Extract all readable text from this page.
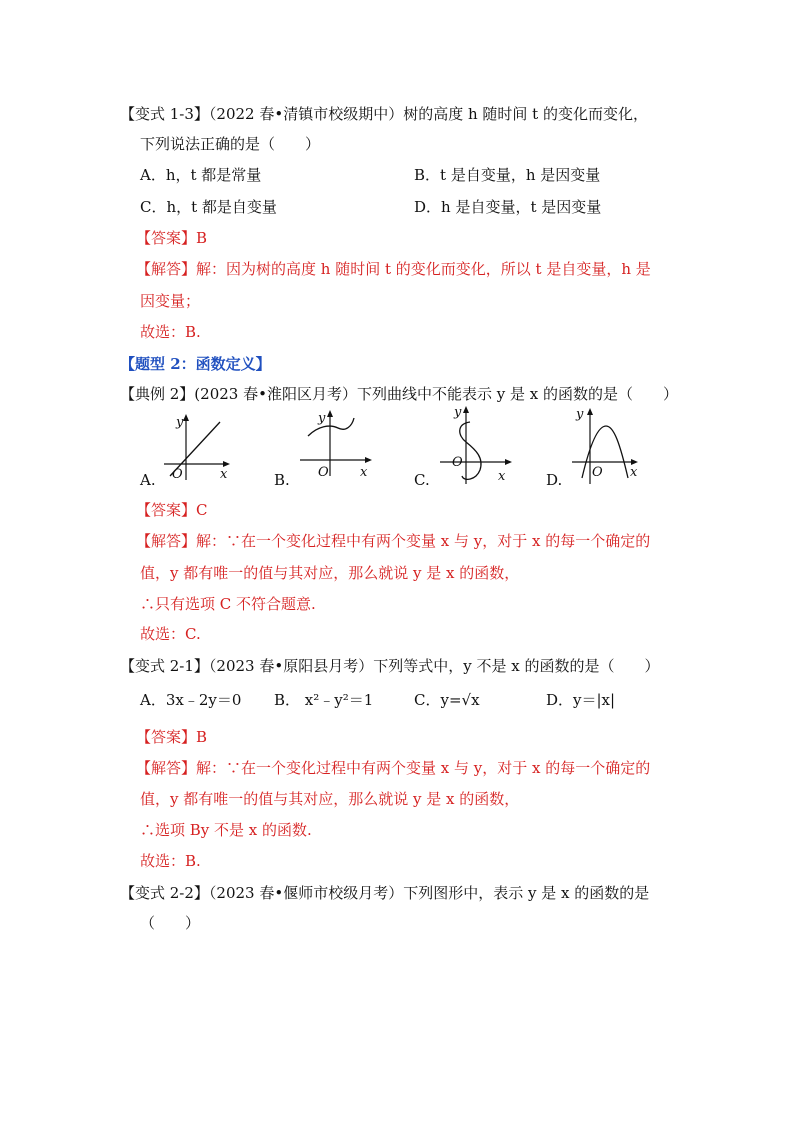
【变式 1-3】（2022 春•清镇市校级期中）树的高度 h 随时间 t 的变化而变化，
下列说法正确的是（　　）
A．h，t 都是常量	B．t 是自变量，h 是因变量
C．h，t 都是自变量	D．h 是自变量，t 是因变量
【答案】B
【解答】解：因为树的高度 h 随时间 t 的变化而变化，所以 t 是自变量，h 是
因变量；
故选：B.
【题型 2：函数定义】
【典例 2】(2023 春•淮阳区月考）下列曲线中不能表示 y 是 x 的函数的是（　　）
A.
y
x
O	B.
y
x
O	C.
y
x
O
D.
y
x
O
【答案】C
【解答】解：∵在一个变化过程中有两个变量 x 与 y，对于 x 的每一个确定的
值，y 都有唯一的值与其对应，那么就说 y 是 x 的函数，
∴只有选项 C 不符合题意.
故选：C.
【变式 2-1】（2023 春•原阳县月考）下列等式中，y 不是 x 的函数的是（　　）
A．3x﹣2y＝0 B． x²﹣y²＝1	C．y=√x	D．y＝|x|
【答案】B
【解答】解：∵在一个变化过程中有两个变量 x 与 y，对于 x 的每一个确定的
值，y 都有唯一的值与其对应，那么就说 y 是 x 的函数，
∴选项 By 不是 x 的函数.
故选：B.
【变式 2-2】（2023 春•偃师市校级月考）下列图形中，表示 y 是 x 的函数的是
（　　）
